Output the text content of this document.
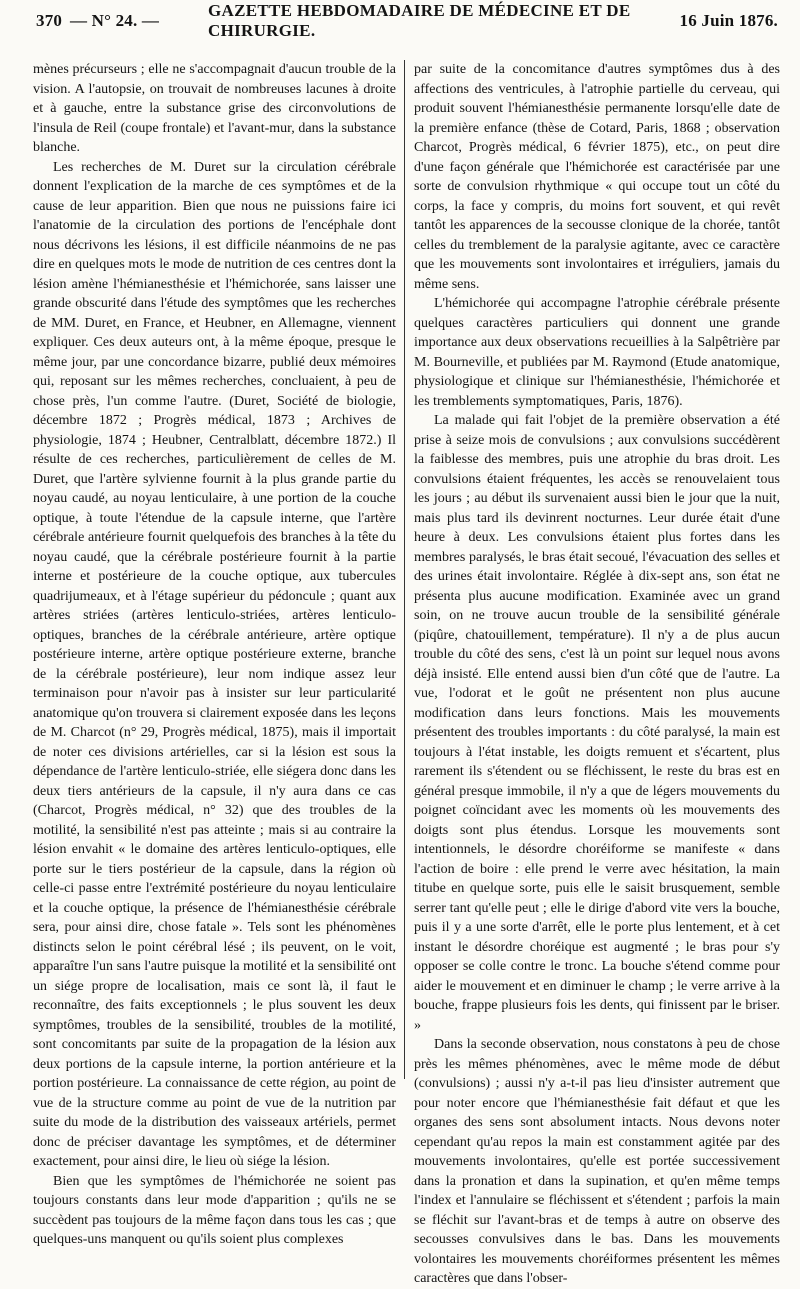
370 — N° 24. —
GAZETTE HEBDOMADAIRE DE MÉDECINE ET DE CHIRURGIE.
16 Juin 1876.

mènes précurseurs ; elle ne s'accompagnait d'aucun trouble de la vision. A l'autopsie, on trouvait de nombreuses lacunes à droite et à gauche, entre la substance grise des circonvolutions de l'insula de Reil (coupe frontale) et l'avant-mur, dans la substance blanche.

Les recherches de M. Duret sur la circulation cérébrale donnent l'explication de la marche de ces symptômes et de la cause de leur apparition. Bien que nous ne puissions faire ici l'anatomie de la circulation des portions de l'encéphale dont nous décrivons les lésions, il est difficile néanmoins de ne pas dire en quelques mots le mode de nutrition de ces centres dont la lésion amène l'hémianesthésie et l'hémichorée, sans laisser une grande obscurité dans l'étude des symptômes que les recherches de MM. Duret, en France, et Heubner, en Allemagne, viennent expliquer. Ces deux auteurs ont, à la même époque, presque le même jour, par une concordance bizarre, publié deux mémoires qui, reposant sur les mêmes recherches, concluaient, à peu de chose près, l'un comme l'autre. (Duret, Société de biologie, décembre 1872 ; Progrès médical, 1873 ; Archives de physiologie, 1874 ; Heubner, Centralblatt, décembre 1872.) Il résulte de ces recherches, particulièrement de celles de M. Duret, que l'artère sylvienne fournit à la plus grande partie du noyau caudé, au noyau lenticulaire, à une portion de la couche optique, à toute l'étendue de la capsule interne, que l'artère cérébrale antérieure fournit quelquefois des branches à la tête du noyau caudé, que la cérébrale postérieure fournit à la partie interne et postérieure de la couche optique, aux tubercules quadrijumeaux, et à l'étage supérieur du pédoncule ; quant aux artères striées (artères lenticulo-striées, artères lenticulo-optiques, branches de la cérébrale antérieure, artère optique postérieure interne, artère optique postérieure externe, branche de la cérébrale postérieure), leur nom indique assez leur terminaison pour n'avoir pas à insister sur leur particularité anatomique qu'on trouvera si clairement exposée dans les leçons de M. Charcot (n° 29, Progrès médical, 1875), mais il importait de noter ces divisions artérielles, car si la lésion est sous la dépendance de l'artère lenticulo-striée, elle siégera donc dans les deux tiers antérieurs de la capsule, il n'y aura dans ce cas (Charcot, Progrès médical, n° 32) que des troubles de la motilité, la sensibilité n'est pas atteinte ; mais si au contraire la lésion envahit « le domaine des artères lenticulo-optiques, elle porte sur le tiers postérieur de la capsule, dans la région où celle-ci passe entre l'extrémité postérieure du noyau lenticulaire et la couche optique, la présence de l'hémianesthésie cérébrale sera, pour ainsi dire, chose fatale ». Tels sont les phénomènes distincts selon le point cérébral lésé ; ils peuvent, on le voit, apparaître l'un sans l'autre puisque la motilité et la sensibilité ont un siége propre de localisation, mais ce sont là, il faut le reconnaître, des faits exceptionnels ; le plus souvent les deux symptômes, troubles de la sensibilité, troubles de la motilité, sont concomitants par suite de la propagation de la lésion aux deux portions de la capsule interne, la portion antérieure et la portion postérieure. La connaissance de cette région, au point de vue de la structure comme au point de vue de la nutrition par suite du mode de la distribution des vaisseaux artériels, permet donc de préciser davantage les symptômes, et de déterminer exactement, pour ainsi dire, le lieu où siége la lésion.

Bien que les symptômes de l'hémichorée ne soient pas toujours constants dans leur mode d'apparition ; qu'ils ne se succèdent pas toujours de la même façon dans tous les cas ; que quelques-uns manquent ou qu'ils soient plus complexes

par suite de la concomitance d'autres symptômes dus à des affections des ventricules, à l'atrophie partielle du cerveau, qui produit souvent l'hémianesthésie permanente lorsqu'elle date de la première enfance (thèse de Cotard, Paris, 1868 ; observation Charcot, Progrès médical, 6 février 1875), etc., on peut dire d'une façon générale que l'hémichorée est caractérisée par une sorte de convulsion rhythmique « qui occupe tout un côté du corps, la face y compris, du moins fort souvent, et qui revêt tantôt les apparences de la secousse clonique de la chorée, tantôt celles du tremblement de la paralysie agitante, avec ce caractère que les mouvements sont involontaires et irréguliers, jamais du même sens.

L'hémichorée qui accompagne l'atrophie cérébrale présente quelques caractères particuliers qui donnent une grande importance aux deux observations recueillies à la Salpêtrière par M. Bourneville, et publiées par M. Raymond (Etude anatomique, physiologique et clinique sur l'hémianesthésie, l'hémichorée et les tremblements symptomatiques, Paris, 1876).

La malade qui fait l'objet de la première observation a été prise à seize mois de convulsions ; aux convulsions succédèrent la faiblesse des membres, puis une atrophie du bras droit. Les convulsions étaient fréquentes, les accès se renouvelaient tous les jours ; au début ils survenaient aussi bien le jour que la nuit, mais plus tard ils devinrent nocturnes. Leur durée était d'une heure à deux. Les convulsions étaient plus fortes dans les membres paralysés, le bras était secoué, l'évacuation des selles et des urines était involontaire. Réglée à dix-sept ans, son état ne présenta plus aucune modification. Examinée avec un grand soin, on ne trouve aucun trouble de la sensibilité générale (piqûre, chatouillement, température). Il n'y a de plus aucun trouble du côté des sens, c'est là un point sur lequel nous avons déjà insisté. Elle entend aussi bien d'un côté que de l'autre. La vue, l'odorat et le goût ne présentent non plus aucune modification dans leurs fonctions. Mais les mouvements présentent des troubles importants : du côté paralysé, la main est toujours à l'état instable, les doigts remuent et s'écartent, plus rarement ils s'étendent ou se fléchissent, le reste du bras est en général presque immobile, il n'y a que de légers mouvements du poignet coïncidant avec les moments où les mouvements des doigts sont plus étendus. Lorsque les mouvements sont intentionnels, le désordre choréiforme se manifeste « dans l'action de boire : elle prend le verre avec hésitation, la main titube en quelque sorte, puis elle le saisit brusquement, semble serrer tant qu'elle peut ; elle le dirige d'abord vite vers la bouche, puis il y a une sorte d'arrêt, elle le porte plus lentement, et à cet instant le désordre choréique est augmenté ; le bras pour s'y opposer se colle contre le tronc. La bouche s'étend comme pour aider le mouvement et en diminuer le champ ; le verre arrive à la bouche, frappe plusieurs fois les dents, qui finissent par le briser. »

Dans la seconde observation, nous constatons à peu de chose près les mêmes phénomènes, avec le même mode de début (convulsions) ; aussi n'y a-t-il pas lieu d'insister autrement que pour noter encore que l'hémianesthésie fait défaut et que les organes des sens sont absolument intacts. Nous devons noter cependant qu'au repos la main est constamment agitée par des mouvements involontaires, qu'elle est portée successivement dans la pronation et dans la supination, et qu'en même temps l'index et l'annulaire se fléchissent et s'étendent ; parfois la main se fléchit sur l'avant-bras et de temps à autre on observe des secousses convulsives dans le bas. Dans les mouvements volontaires les mouvements choréiformes présentent les mêmes caractères que dans l'obser-
